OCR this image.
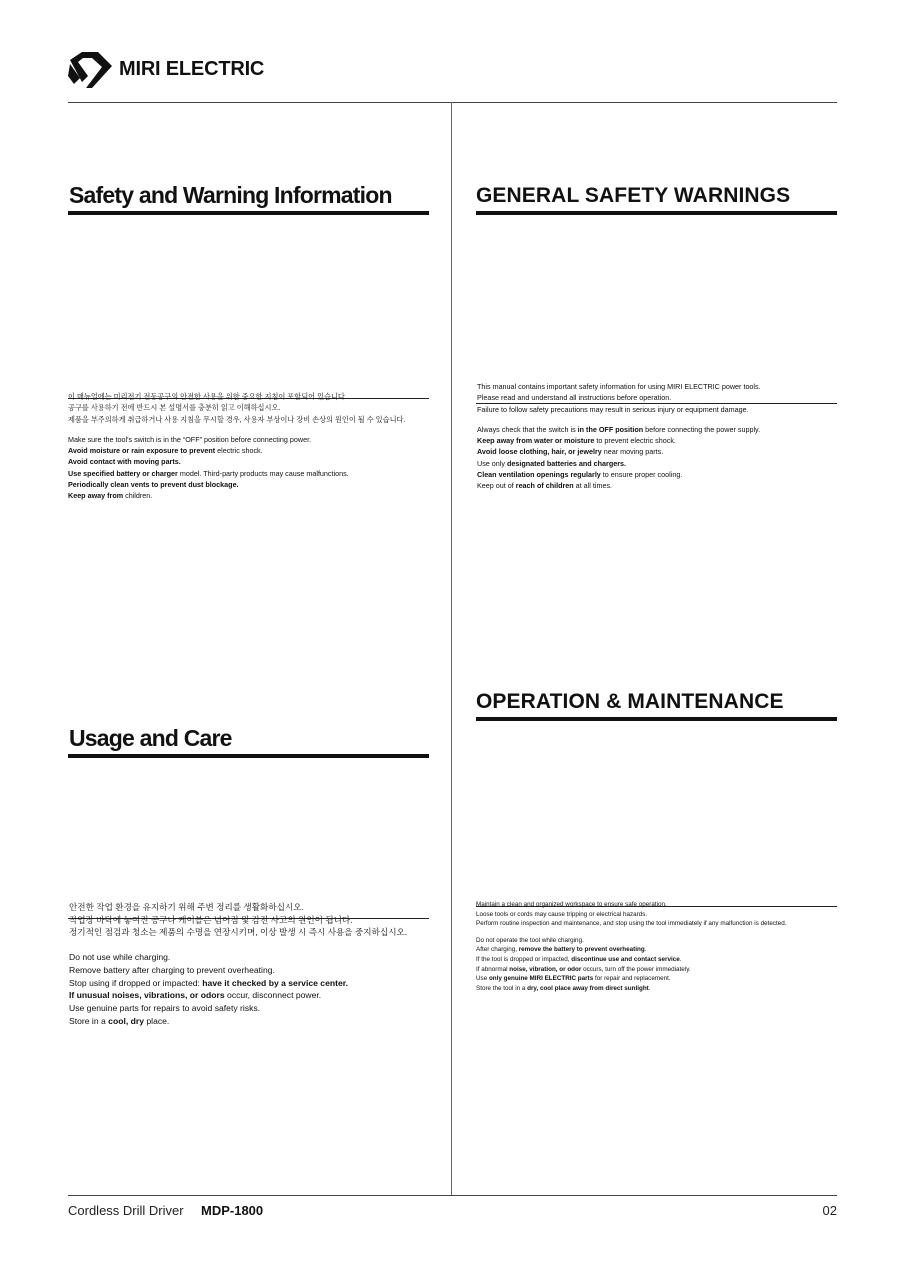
MIRI ELECTRIC
Safety and Warning Information
이 매뉴얼에는 미리전기 전동공구의 안전한 사용을 위한 중요한 지침이 포함되어 있습니다.
공구를 사용하기 전에 반드시 본 설명서를 충분히 읽고 이해하십시오.
제품을 부주의하게 취급하거나 사용 지침을 무시할 경우, 사용자 부상이나 장비 손상의 원인이 될 수 있습니다.
Make sure the tool's switch is in the “OFF” position before connecting power.
Avoid moisture or rain exposure to prevent electric shock.
Avoid contact with moving parts.
Use specified battery or charger model. Third-party products may cause malfunctions.
Periodically clean vents to prevent dust blockage.
Keep away from children.
GENERAL SAFETY WARNINGS
This manual contains important safety information for using MIRI ELECTRIC power tools.
Please read and understand all instructions before operation.
Failure to follow safety precautions may result in serious injury or equipment damage.
Always check that the switch is in the OFF position before connecting the power supply.
Keep away from water or moisture to prevent electric shock.
Avoid loose clothing, hair, or jewelry near moving parts.
Use only designated batteries and chargers.
Clean ventilation openings regularly to ensure proper cooling.
Keep out of reach of children at all times.
Usage and Care
안전한 작업 환경을 유지하기 위해 주변 정리를 생활화하십시오.
작업장 바닥에 놓여진 공구나 케이블은 넘어짐 및 감전 사고의 원인이 됩니다.
정기적인 점검과 청소는 제품의 수명을 연장시키며, 이상 발생 시 즉시 사용을 중지하십시오.
Do not use while charging.
Remove battery after charging to prevent overheating.
Stop using if dropped or impacted: have it checked by a service center.
If unusual noises, vibrations, or odors occur, disconnect power.
Use genuine parts for repairs to avoid safety risks.
Store in a cool, dry place.
OPERATION & MAINTENANCE
Maintain a clean and organized workspace to ensure safe operation.
Loose tools or cords may cause tripping or electrical hazards.
Perform routine inspection and maintenance, and stop using the tool immediately if any malfunction is detected.
Do not operate the tool while charging.
After charging, remove the battery to prevent overheating.
If the tool is dropped or impacted, discontinue use and contact service.
If abnormal noise, vibration, or odor occurs, turn off the power immediately.
Use only genuine MIRI ELECTRIC parts for repair and replacement.
Store the tool in a dry, cool place away from direct sunlight.
Cordless Drill Driver MDP-1800	02
